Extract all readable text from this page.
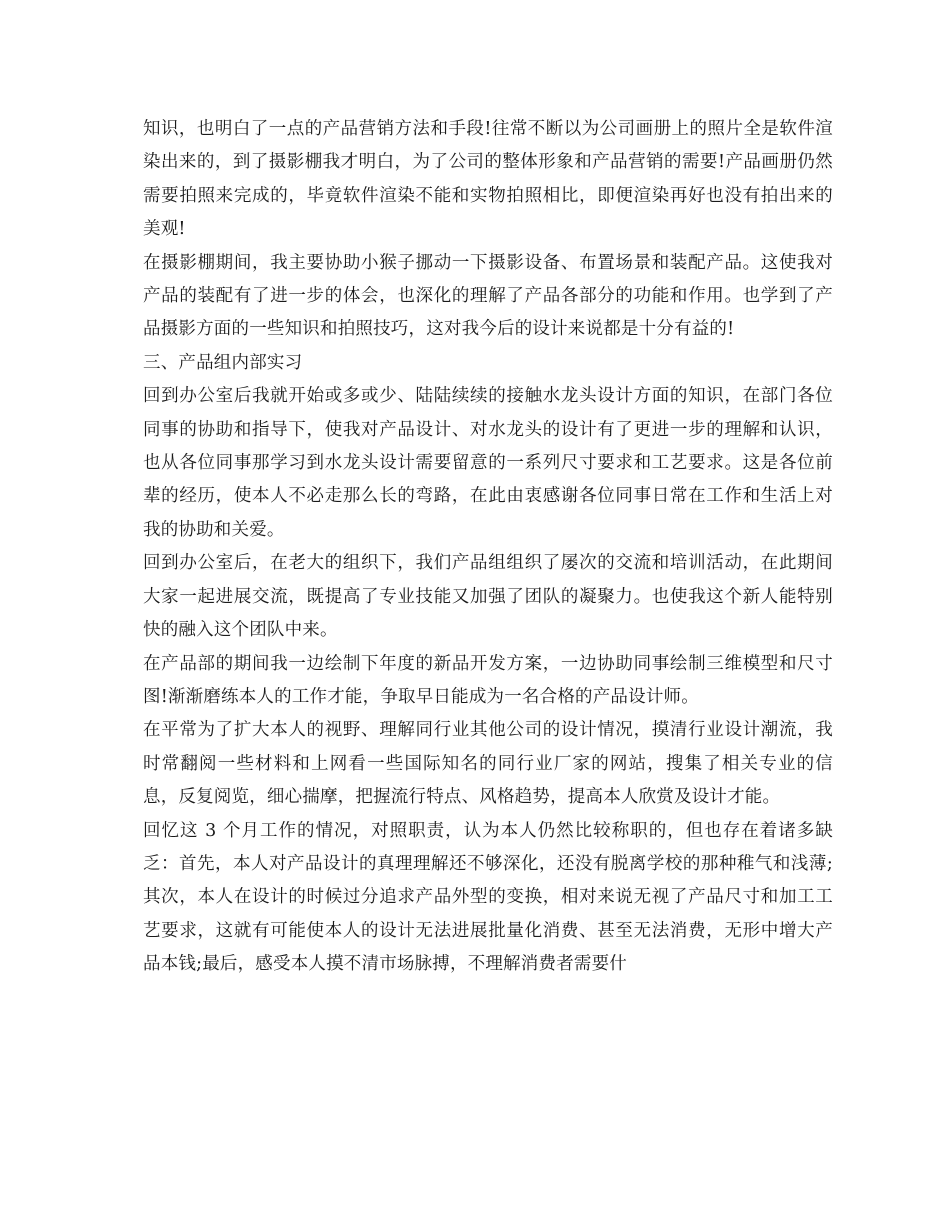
知识，也明白了一点的产品营销方法和手段!往常不断以为公司画册上的照片全是软件渲染出来的，到了摄影棚我才明白，为了公司的整体形象和产品营销的需要!产品画册仍然需要拍照来完成的，毕竟软件渲染不能和实物拍照相比，即便渲染再好也没有拍出来的美观!

在摄影棚期间，我主要协助小猴子挪动一下摄影设备、布置场景和装配产品。这使我对产品的装配有了进一步的体会，也深化的理解了产品各部分的功能和作用。也学到了产品摄影方面的一些知识和拍照技巧，这对我今后的设计来说都是十分有益的!

三、产品组内部实习

回到办公室后我就开始或多或少、陆陆续续的接触水龙头设计方面的知识，在部门各位同事的协助和指导下，使我对产品设计、对水龙头的设计有了更进一步的理解和认识，也从各位同事那学习到水龙头设计需要留意的一系列尺寸要求和工艺要求。这是各位前辈的经历，使本人不必走那么长的弯路，在此由衷感谢各位同事日常在工作和生活上对我的协助和关爱。

回到办公室后，在老大的组织下，我们产品组组织了屡次的交流和培训活动，在此期间大家一起进展交流，既提高了专业技能又加强了团队的凝聚力。也使我这个新人能特别快的融入这个团队中来。

在产品部的期间我一边绘制下年度的新品开发方案，一边协助同事绘制三维模型和尺寸图!渐渐磨练本人的工作才能，争取早日能成为一名合格的产品设计师。

在平常为了扩大本人的视野、理解同行业其他公司的设计情况，摸清行业设计潮流，我时常翻阅一些材料和上网看一些国际知名的同行业厂家的网站，搜集了相关专业的信息，反复阅览，细心揣摩，把握流行特点、风格趋势，提高本人欣赏及设计才能。

回忆这 3 个月工作的情况，对照职责，认为本人仍然比较称职的，但也存在着诸多缺乏：首先，本人对产品设计的真理理解还不够深化，还没有脱离学校的那种稚气和浅薄;其次，本人在设计的时候过分追求产品外型的变换，相对来说无视了产品尺寸和加工工艺要求，这就有可能使本人的设计无法进展批量化消费、甚至无法消费，无形中增大产品本钱;最后，感受本人摸不清市场脉搏，不理解消费者需要什
